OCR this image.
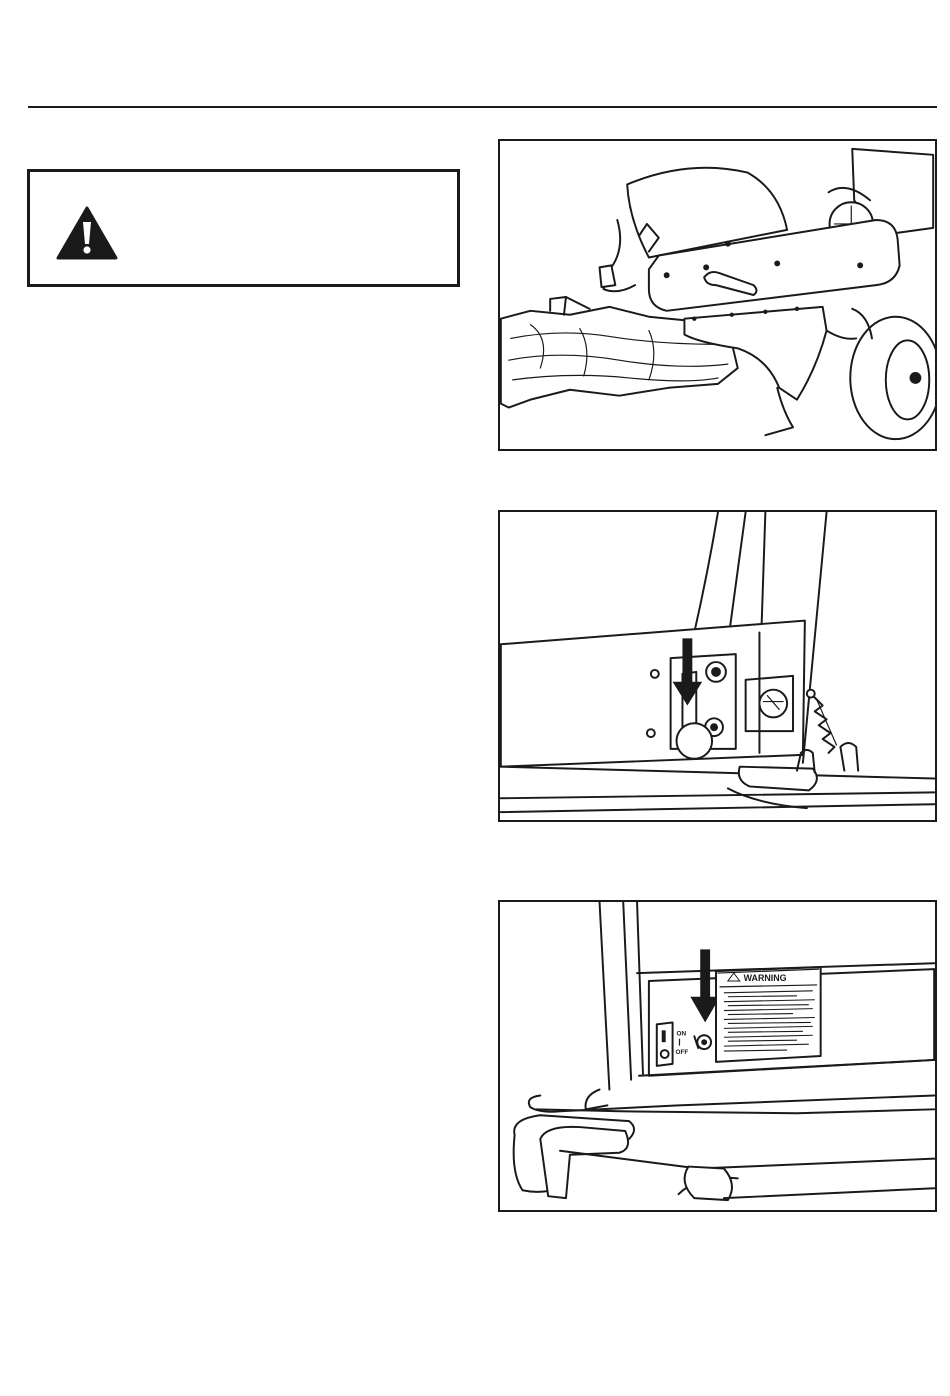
ON
OFF
WARNING
